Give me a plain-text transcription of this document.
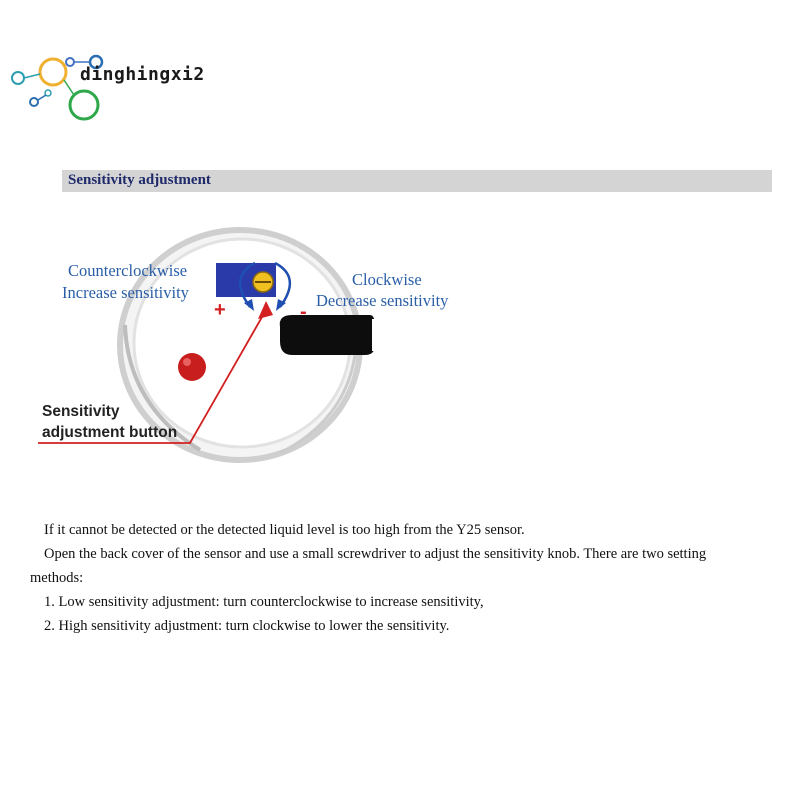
dinghingxi2
Sensitivity adjustment
Counterclockwise
Increase sensitivity
Clockwise
Decrease sensitivity
+	-
Sensitivity
adjustment button

If it cannot be detected or the detected liquid level is too high from the Y25 sensor.

Open the back cover of the sensor and use a small screwdriver to adjust the sensitivity knob. There are two setting

methods:

1. Low sensitivity adjustment: turn counterclockwise to increase sensitivity,

2. High sensitivity adjustment: turn clockwise to lower the sensitivity.
